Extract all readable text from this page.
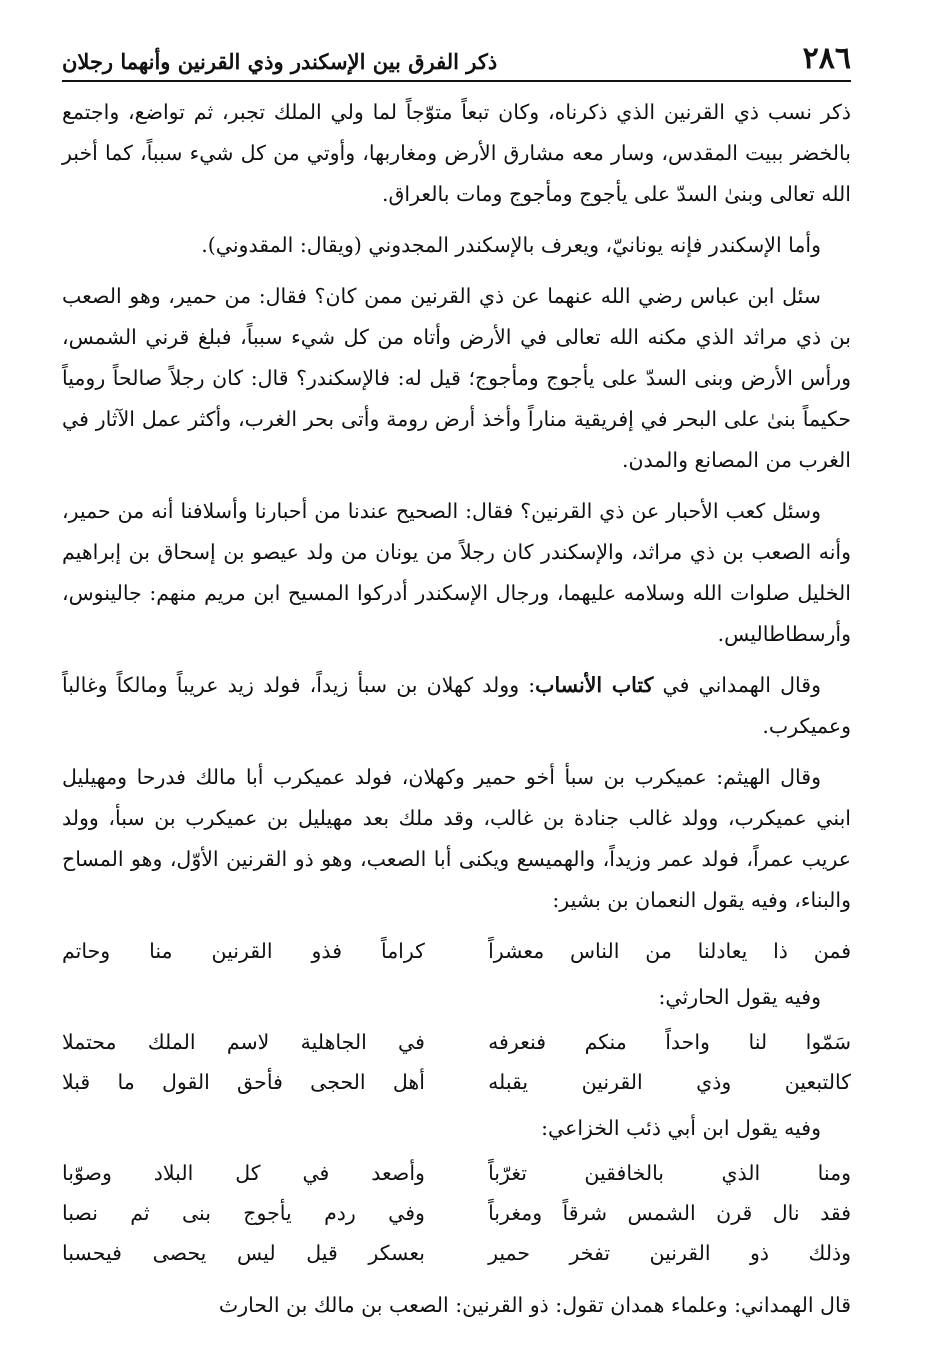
٢٨٦
ذكر الفرق بين الإسكندر وذي القرنين وأنهما رجلان

ذكر نسب ذي القرنين الذي ذكرناه، وكان تبعاً متوّجاً لما ولي الملك تجبر، ثم تواضع، واجتمع بالخضر ببيت المقدس، وسار معه مشارق الأرض ومغاربها، وأوتي من كل شيء سبباً، كما أخبر الله تعالى وبنىٰ السدّ على يأجوج ومأجوج ومات بالعراق.

وأما الإسكندر فإنه يونانيّ، ويعرف بالإسكندر المجدوني (ويقال: المقدوني).

سئل ابن عباس رضي الله عنهما عن ذي القرنين ممن كان؟ فقال: من حمير، وهو الصعب بن ذي مراثد الذي مكنه الله تعالى في الأرض وأتاه من كل شيء سبباً، فبلغ قرني الشمس، ورأس الأرض وبنى السدّ على يأجوج ومأجوج؛ قيل له: فالإسكندر؟ قال: كان رجلاً صالحاً رومياً حكيماً بنىٰ على البحر في إفريقية مناراً وأخذ أرض رومة وأتى بحر الغرب، وأكثر عمل الآثار في الغرب من المصانع والمدن.

وسئل كعب الأحبار عن ذي القرنين؟ فقال: الصحيح عندنا من أحبارنا وأسلافنا أنه من حمير، وأنه الصعب بن ذي مراثد، والإسكندر كان رجلاً من يونان من ولد عيصو بن إسحاق بن إبراهيم الخليل صلوات الله وسلامه عليهما، ورجال الإسكندر أدركوا المسيح ابن مريم منهم: جالينوس، وأرسطاطاليس.

وقال الهمداني في كتاب الأنساب: وولد كهلان بن سبأ زيداً، فولد زيد عريباً ومالكاً وغالباً وعميكرب.

وقال الهيثم: عميكرب بن سبأ أخو حمير وكهلان، فولد عميكرب أبا مالك فدرحا ومهيليل ابني عميكرب، وولد غالب جنادة بن غالب، وقد ملك بعد مهيليل بن عميكرب بن سبأ، وولد عريب عمراً، فولد عمر وزيداً، والهميسع ويكنى أبا الصعب، وهو ذو القرنين الأوّل، وهو المساح والبناء، وفيه يقول النعمان بن بشير:

فمن ذا يعادلنا من الناس معشراً
كراماً فذو القرنين منا وحاتم
وفيه يقول الحارثي:
سَمّوا لنا واحداً منكم فنعرفه
في الجاهلية لاسم الملك محتملا
كالتبعين وذي القرنين يقبله
أهل الحجى فأحق القول ما قبلا
وفيه يقول ابن أبي ذئب الخزاعي:
ومنا الذي بالخافقين تغرّباً
وأصعد في كل البلاد وصوّبا
فقد نال قرن الشمس شرقاً ومغرباً
وفي ردم يأجوج بنى ثم نصبا
وذلك ذو القرنين تفخر حمير
بعسكر قيل ليس يحصى فيحسبا

قال الهمداني: وعلماء همدان تقول: ذو القرنين: الصعب بن مالك بن الحارث
